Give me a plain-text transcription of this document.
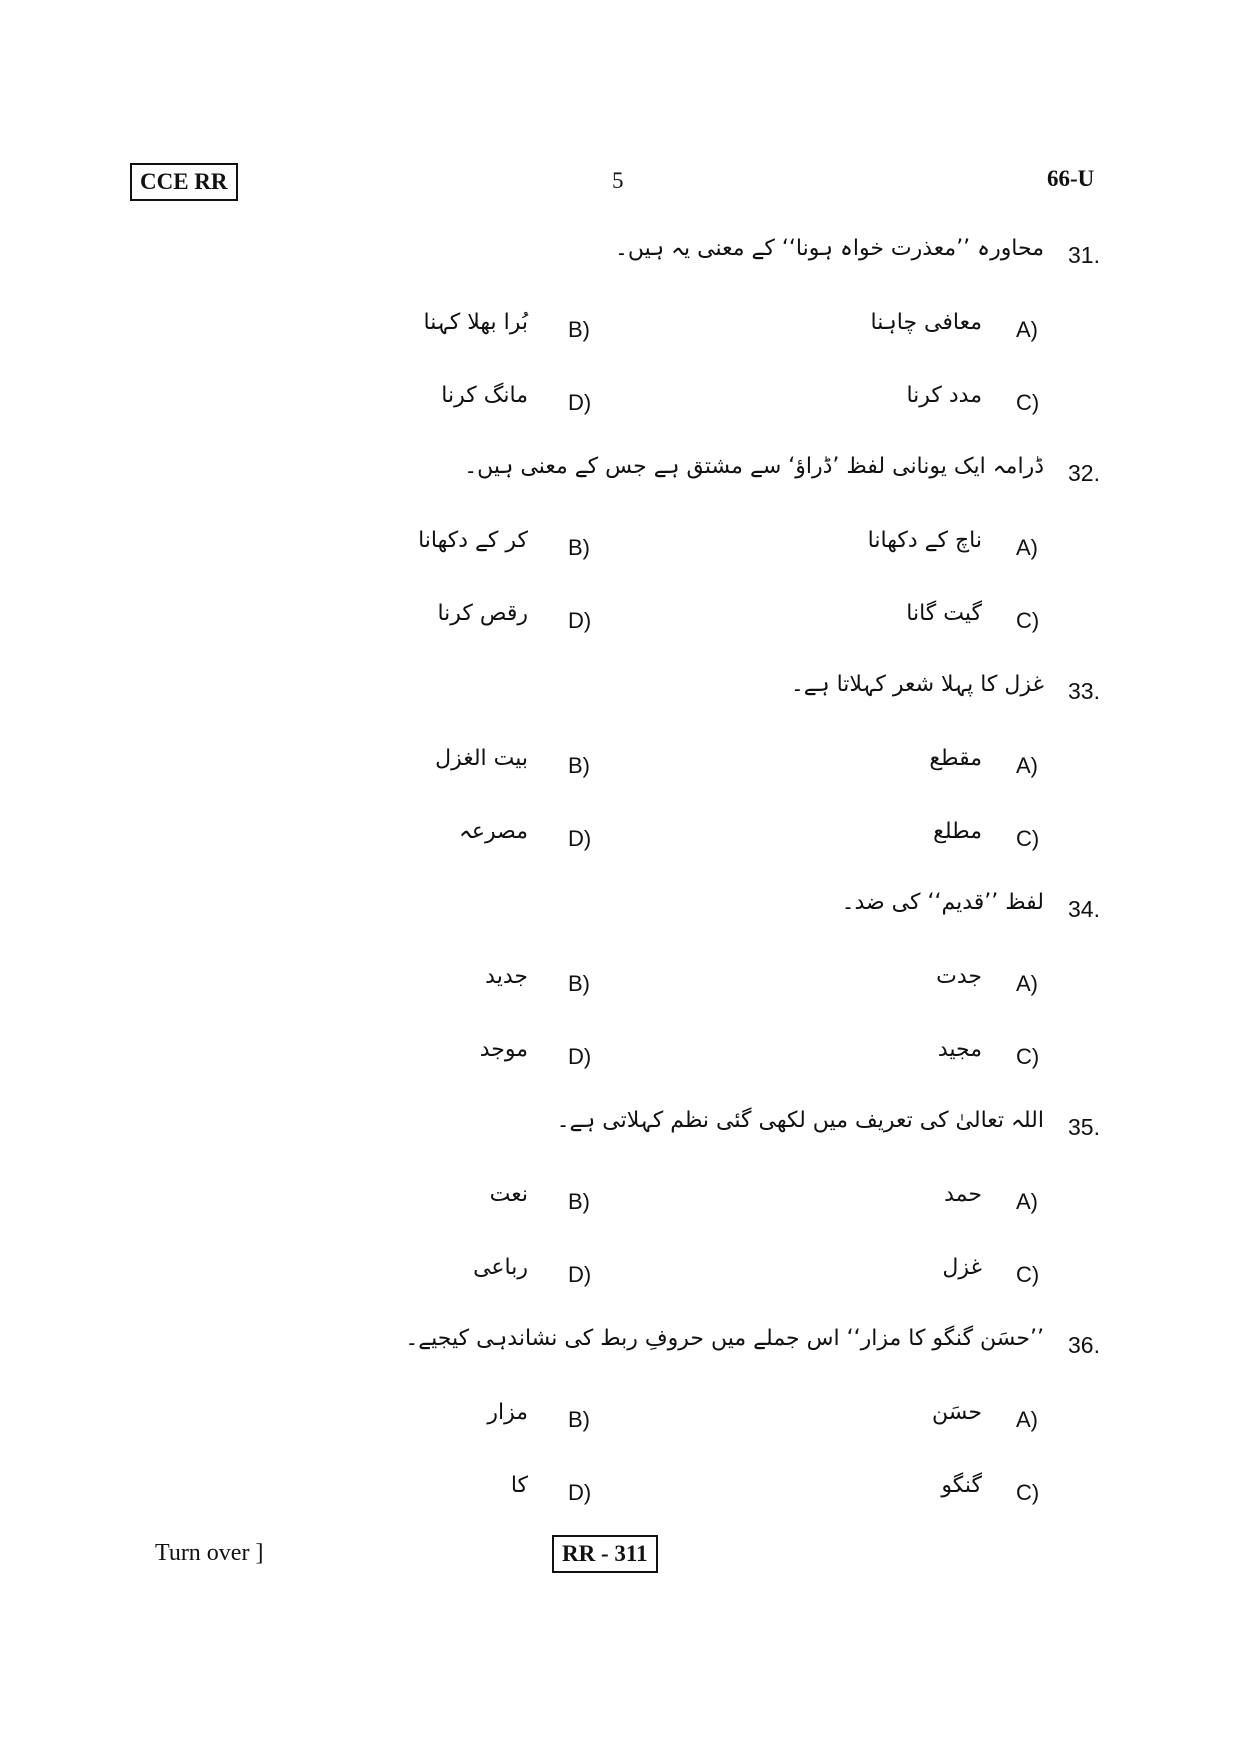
CCE RR	5	66-U
31.
محاورہ ’’معذرت خواہ ہونا‘‘ کے معنی یہ ہیں۔
A)
معافی چاہنا
B)
بُرا بھلا کہنا
C)
مدد کرنا
D)
مانگ کرنا
32.
ڈرامہ ایک یونانی لفظ ’ڈراؤ‘ سے مشتق ہے جس کے معنی ہیں۔
A)
ناچ کے دکھانا
B)
کر کے دکھانا
C)
گیت گانا
D)
رقص کرنا
33.
غزل کا پہلا شعر کہلاتا ہے۔
A)
مقطع
B)
بیت الغزل
C)
مطلع
D)
مصرعہ
34.
لفظ ’’قدیم‘‘ کی ضد۔
A)
جدت
B)
جدید
C)
مجید
D)
موجد
35.
اللہ تعالیٰ کی تعریف میں لکھی گئی نظم کہلاتی ہے۔
A)
حمد
B)
نعت
C)
غزل
D)
رباعی
36.
’’حسَن گنگو کا مزار‘‘ اس جملے میں حروفِ ربط کی نشاندہی کیجیے۔
A)
حسَن
B)
مزار
C)
گنگو
D)
کا
Turn over ]	RR - 311
